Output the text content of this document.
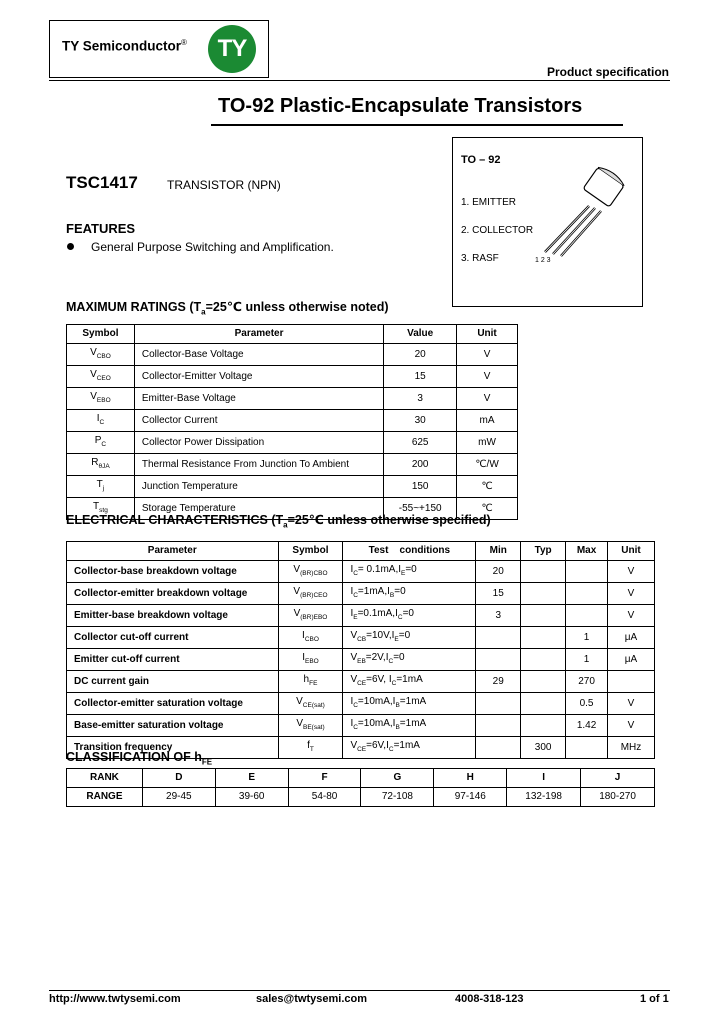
TY Semiconductor®	TY
Product specification
TO-92 Plastic-Encapsulate Transistors
TO – 92
1. EMITTER
2. COLLECTOR
3. RASF	1 2 3
TSC1417 TRANSISTOR (NPN)
FEATURES
General Purpose Switching and Amplification.
MAXIMUM RATINGS ($T_a=25℃$ unless otherwise noted)
Symbol	Parameter	Value	Unit
$V_{CBO}$	Collector-Base Voltage	20	V
$V_{CEO}$	Collector-Emitter Voltage	15	V
$V_{EBO}$	Emitter-Base Voltage	3	V
$I_C$	Collector Current	30	mA
$P_C$	Collector Power Dissipation	625	mW
$R_{\theta JA}$	Thermal Resistance From Junction To Ambient	200	℃/W
$T_j$	Junction Temperature	150	℃
$T_{stg}$	Storage Temperature	-55~+150	℃
ELECTRICAL CHARACTERISTICS ($T_a=25℃$ unless otherwise specified)
Parameter	Symbol	Test    conditions	Min	Typ	Max	Unit
Collector-base breakdown voltage	$V_{(BR)CBO}$	$I_C= 0.1mA,I_E=0$	20			V
Collector-emitter breakdown voltage	$V_{(BR)CEO}$	$I_C=1mA,I_B=0$	15			V
Emitter-base breakdown voltage	$V_{(BR)EBO}$	$I_E=0.1mA,I_C=0$	3			V
Collector cut-off current	$I_{CBO}$	$V_{CB}=10V,I_E=0$			1	μA
Emitter cut-off current	$I_{EBO}$	$V_{EB}=2V,I_C=0$			1	μA
DC current gain	$h_{FE}$	$V_{CE}=6V$, $I_C=1mA$	29		270	
Collector-emitter saturation voltage	$V_{CE(sat)}$	$I_C=10mA,I_B=1mA$			0.5	V
Base-emitter saturation voltage	$V_{BE(sat)}$	$I_C=10mA,I_B=1mA$			1.42	V
Transition frequency	$f_T$	$V_{CE}=6V,I_C=1mA$		300		MHz
CLASSIFICATION OF $h_{FE}$
RANK	D	E	F	G	H	I	J
RANGE	29-45	39-60	54-80	72-108	97-146	132-198	180-270
http://www.twtysemi.com	sales@twtysemi.com	4008-318-123	1 of 1
